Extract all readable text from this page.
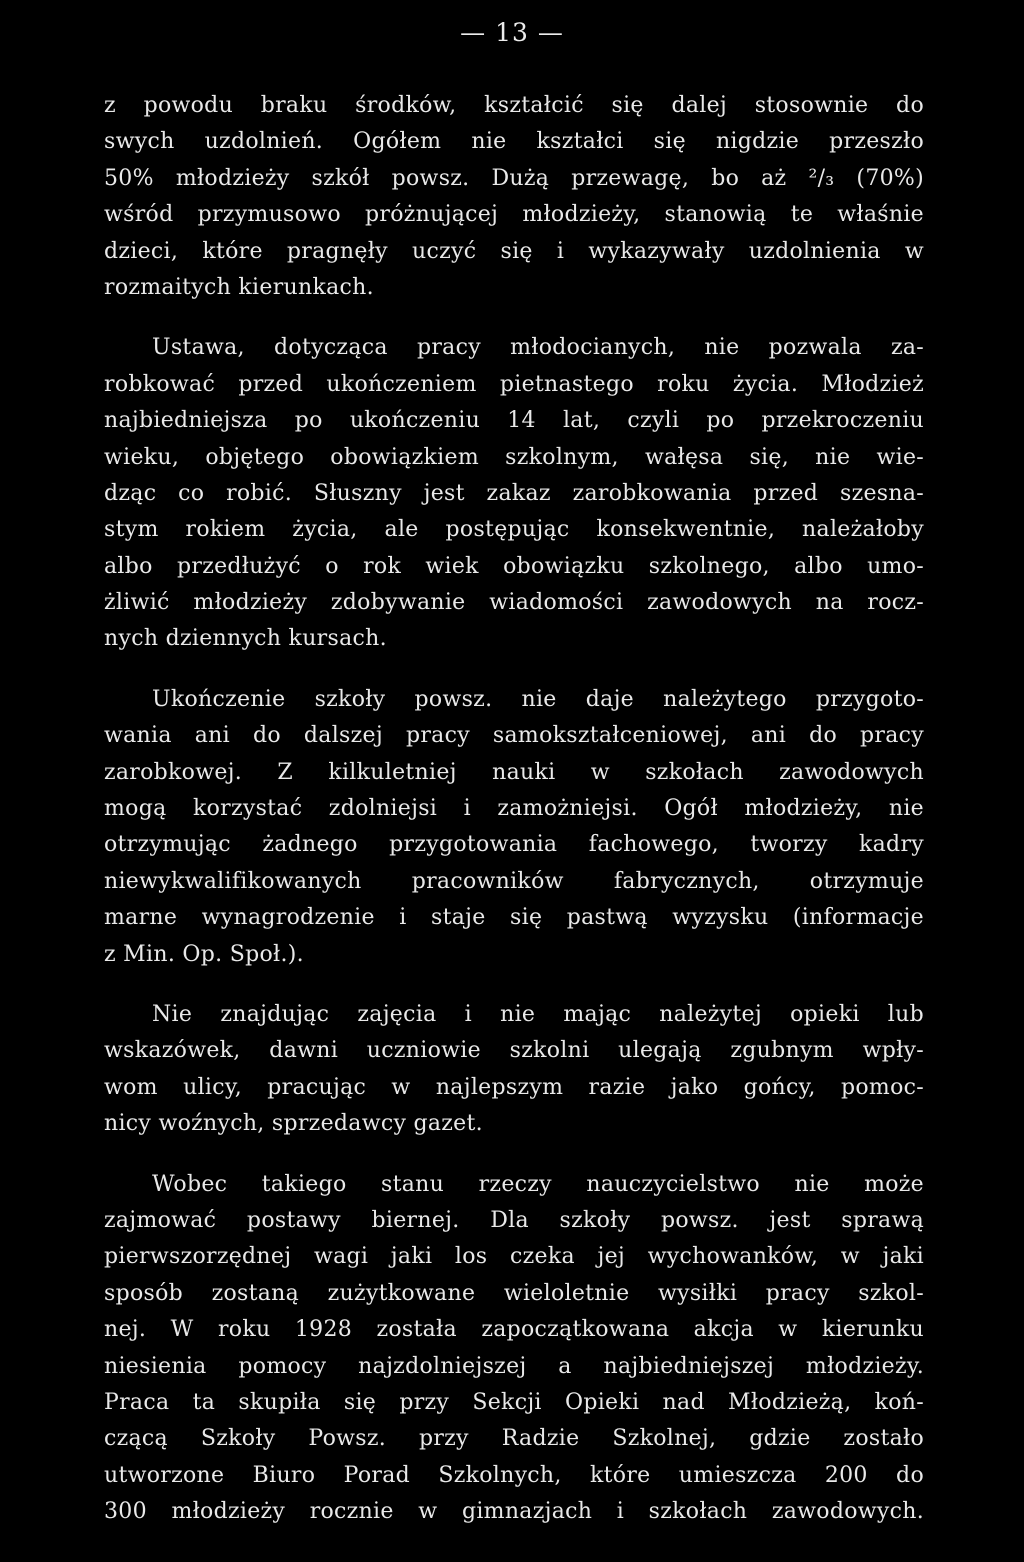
— 13 —
z powodu braku środków, kształcić się dalej stosownie do
swych uzdolnień. Ogółem nie kształci się nigdzie przeszło
50% młodzieży szkół powsz. Dużą przewagę, bo aż ²/₃ (70%)
wśród przymusowo próżnującej młodzieży, stanowią te właśnie
dzieci, które pragnęły uczyć się i wykazywały uzdolnienia w
rozmaitych kierunkach.
Ustawa, dotycząca pracy młodocianych, nie pozwala za-
robkować przed ukończeniem pietnastego roku życia. Młodzież
najbiedniejsza po ukończeniu 14 lat, czyli po przekroczeniu
wieku, objętego obowiązkiem szkolnym, wałęsa się, nie wie-
dząc co robić. Słuszny jest zakaz zarobkowania przed szesna-
stym rokiem życia, ale postępując konsekwentnie, należałoby
albo przedłużyć o rok wiek obowiązku szkolnego, albo umo-
żliwić młodzieży zdobywanie wiadomości zawodowych na rocz-
nych dziennych kursach.
Ukończenie szkoły powsz. nie daje należytego przygoto-
wania ani do dalszej pracy samokształceniowej, ani do pracy
zarobkowej. Z kilkuletniej nauki w szkołach zawodowych
mogą korzystać zdolniejsi i zamożniejsi. Ogół młodzieży, nie
otrzymując żadnego przygotowania fachowego, tworzy kadry
niewykwalifikowanych pracowników fabrycznych, otrzymuje
marne wynagrodzenie i staje się pastwą wyzysku (informacje
z Min. Op. Społ.).
Nie znajdując zajęcia i nie mając należytej opieki lub
wskazówek, dawni uczniowie szkolni ulegają zgubnym wpły-
wom ulicy, pracując w najlepszym razie jako gońcy, pomoc-
nicy woźnych, sprzedawcy gazet.
Wobec takiego stanu rzeczy nauczycielstwo nie może
zajmować postawy biernej. Dla szkoły powsz. jest sprawą
pierwszorzędnej wagi jaki los czeka jej wychowanków, w jaki
sposób zostaną zużytkowane wieloletnie wysiłki pracy szkol-
nej. W roku 1928 została zapoczątkowana akcja w kierunku
niesienia pomocy najzdolniejszej a najbiedniejszej młodzieży.
Praca ta skupiła się przy Sekcji Opieki nad Młodzieżą, koń-
czącą Szkoły Powsz. przy Radzie Szkolnej, gdzie zostało
utworzone Biuro Porad Szkolnych, które umieszcza 200 do
300 młodzieży rocznie w gimnazjach i szkołach zawodowych.
